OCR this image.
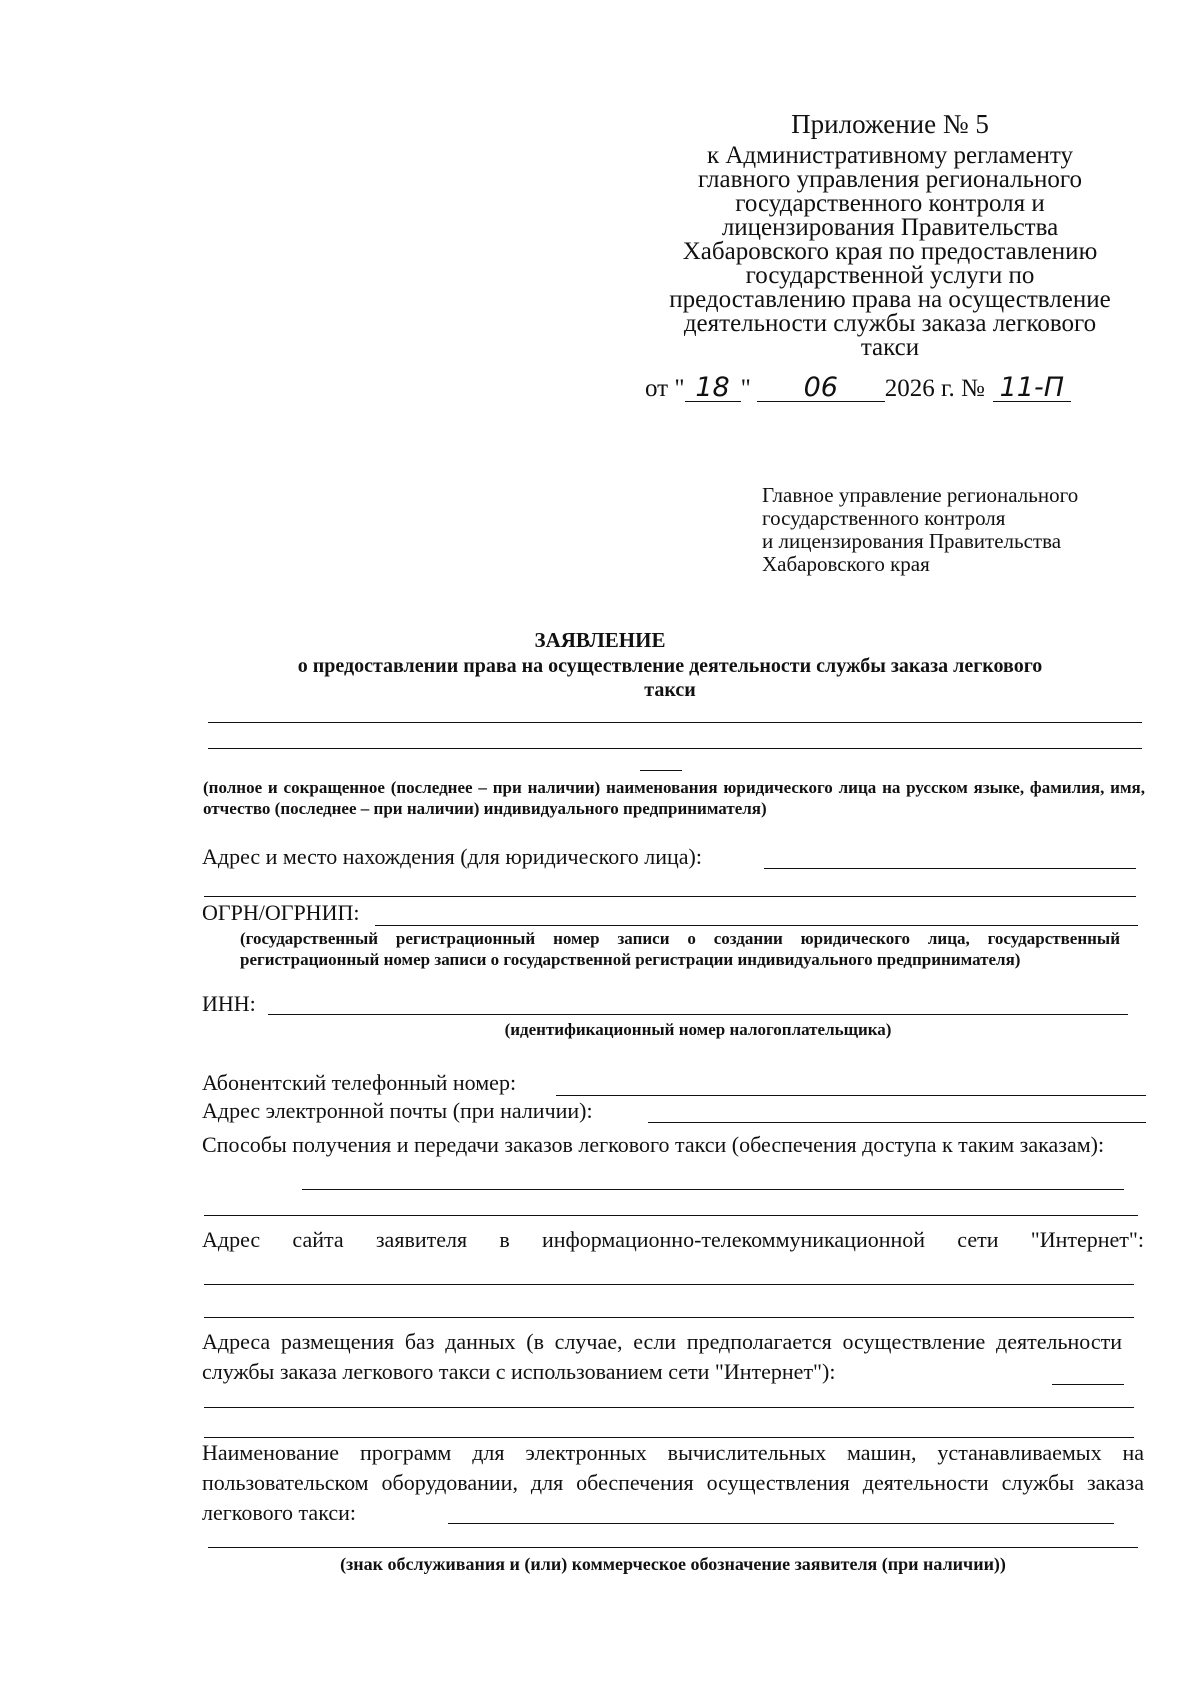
Приложение № 5
к Административному регламенту
главного управления регионального
государственного контроля и
лицензирования Правительства
Хабаровского края по предоставлению
государственной услуги по
предоставлению права на осуществление
деятельности службы заказа легкового
такси
от " 18 " 06 2026 г. № 11-П
Главное управление регионального
государственного контроля
и лицензирования Правительства
Хабаровского края
ЗАЯВЛЕНИЕ
о предоставлении права на осуществление деятельности службы заказа легкового такси
(полное и сокращенное (последнее – при наличии) наименования юридического лица на русском языке, фамилия, имя, отчество (последнее – при наличии) индивидуального предпринимателя)
Адрес и место нахождения (для юридического лица):
ОГРН/ОГРНИП:
(государственный регистрационный номер записи о создании юридического лица, государственный регистрационный номер записи о государственной регистрации индивидуального предпринимателя)
ИНН:
(идентификационный номер налогоплательщика)
Абонентский телефонный номер:
Адрес электронной почты (при наличии):
Способы получения и передачи заказов легкового такси (обеспечения доступа к таким заказам):
Адрес сайта заявителя в информационно-телекоммуникационной сети "Интернет":
Адреса размещения баз данных (в случае, если предполагается осуществление деятельности службы заказа легкового такси с использованием сети "Интернет"):
Наименование программ для электронных вычислительных машин, устанавливаемых на пользовательском оборудовании, для обеспечения осуществления деятельности службы заказа легкового такси:
(знак обслуживания и (или) коммерческое обозначение заявителя (при наличии))
